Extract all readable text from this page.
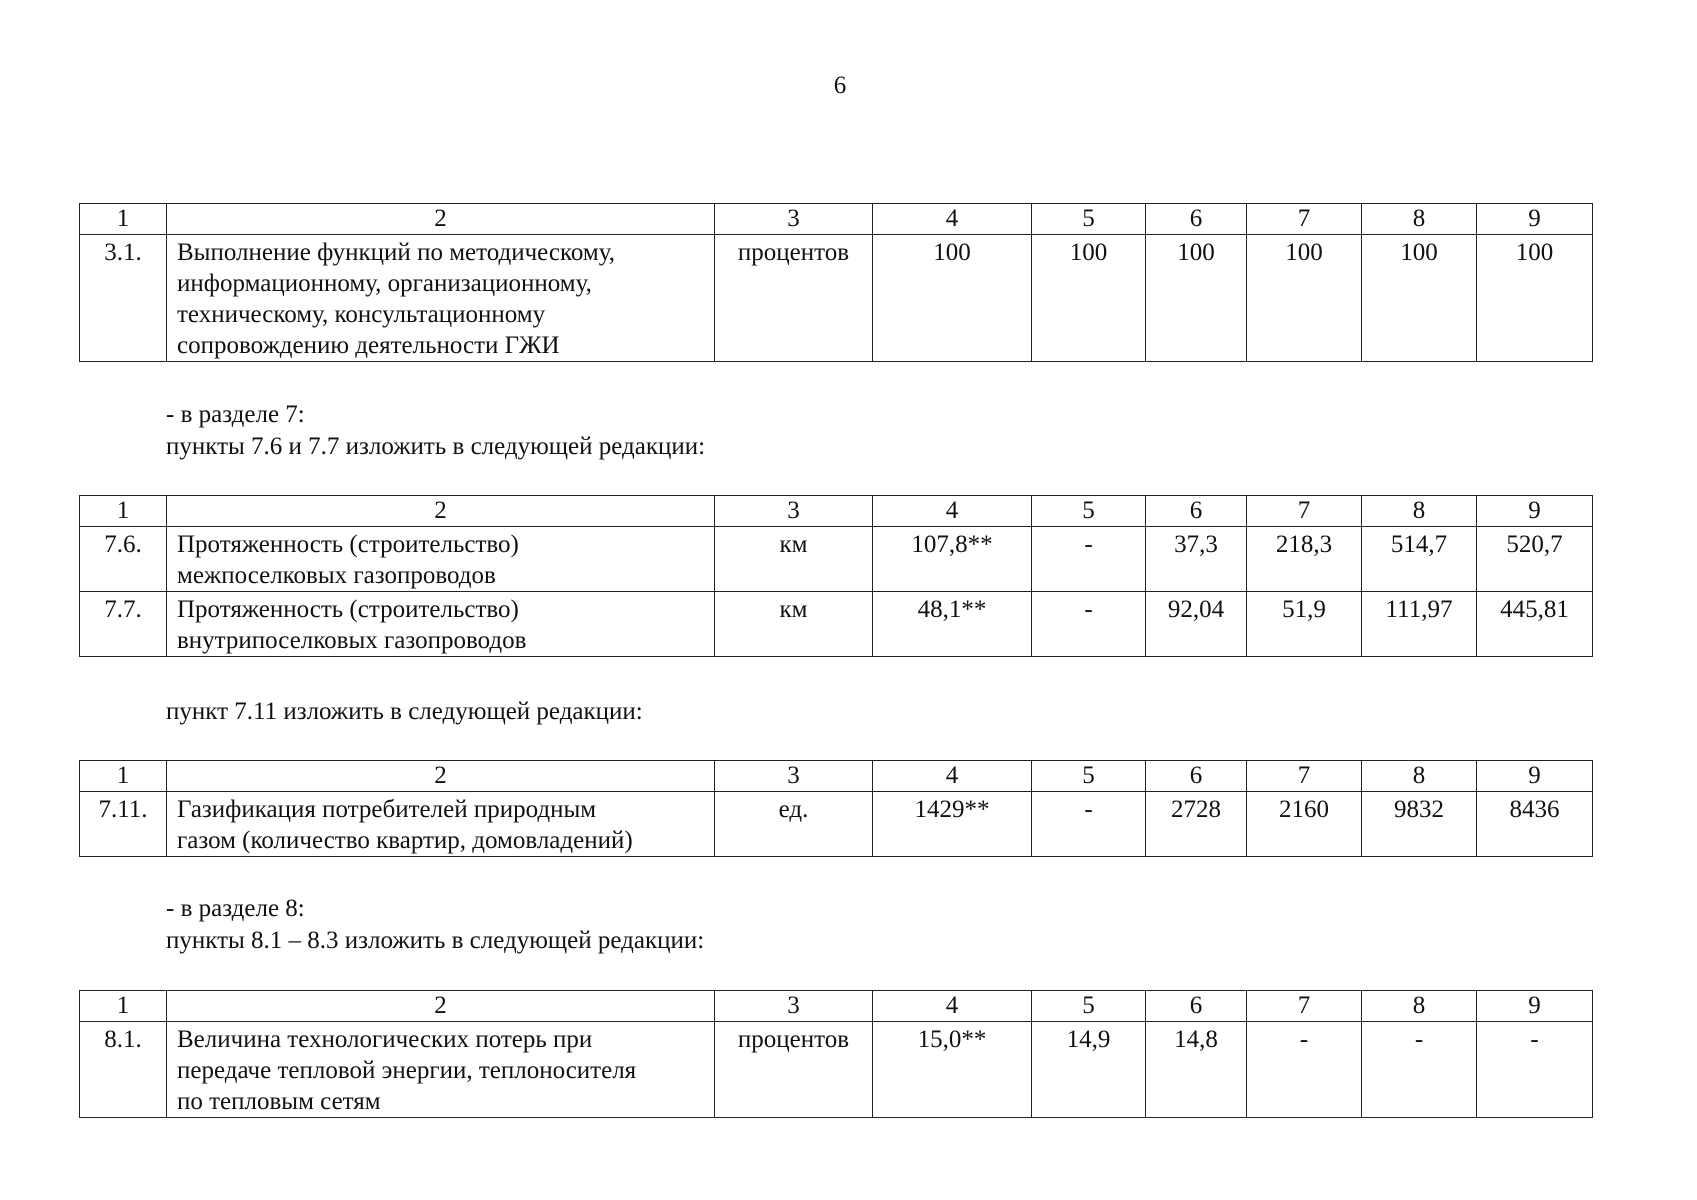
6
1	2	3	4	5	6	7	8	9
3.1.	Выполнение функций по методическому,
информационному, организационному,
техническому, консультационному
сопровождению деятельности ГЖИ	процентов	100	100	100	100	100	100
- в разделе 7:
пункты 7.6 и 7.7 изложить в следующей редакции:
1	2	3	4	5	6	7	8	9
7.6.	Протяженность (строительство)
межпоселковых газопроводов	км	107,8**	-	37,3	218,3	514,7	520,7
7.7.	Протяженность (строительство)
внутрипоселковых газопроводов	км	48,1**	-	92,04	51,9	111,97	445,81
пункт 7.11 изложить в следующей редакции:
1	2	3	4	5	6	7	8	9
7.11.	Газификация потребителей природным
газом (количество квартир, домовладений)	ед.	1429**	-	2728	2160	9832	8436
- в разделе 8:
пункты 8.1 – 8.3 изложить в следующей редакции:
1	2	3	4	5	6	7	8	9
8.1.	Величина технологических потерь при
передаче тепловой энергии, теплоносителя
по тепловым сетям	процентов	15,0**	14,9	14,8	-	-	-
